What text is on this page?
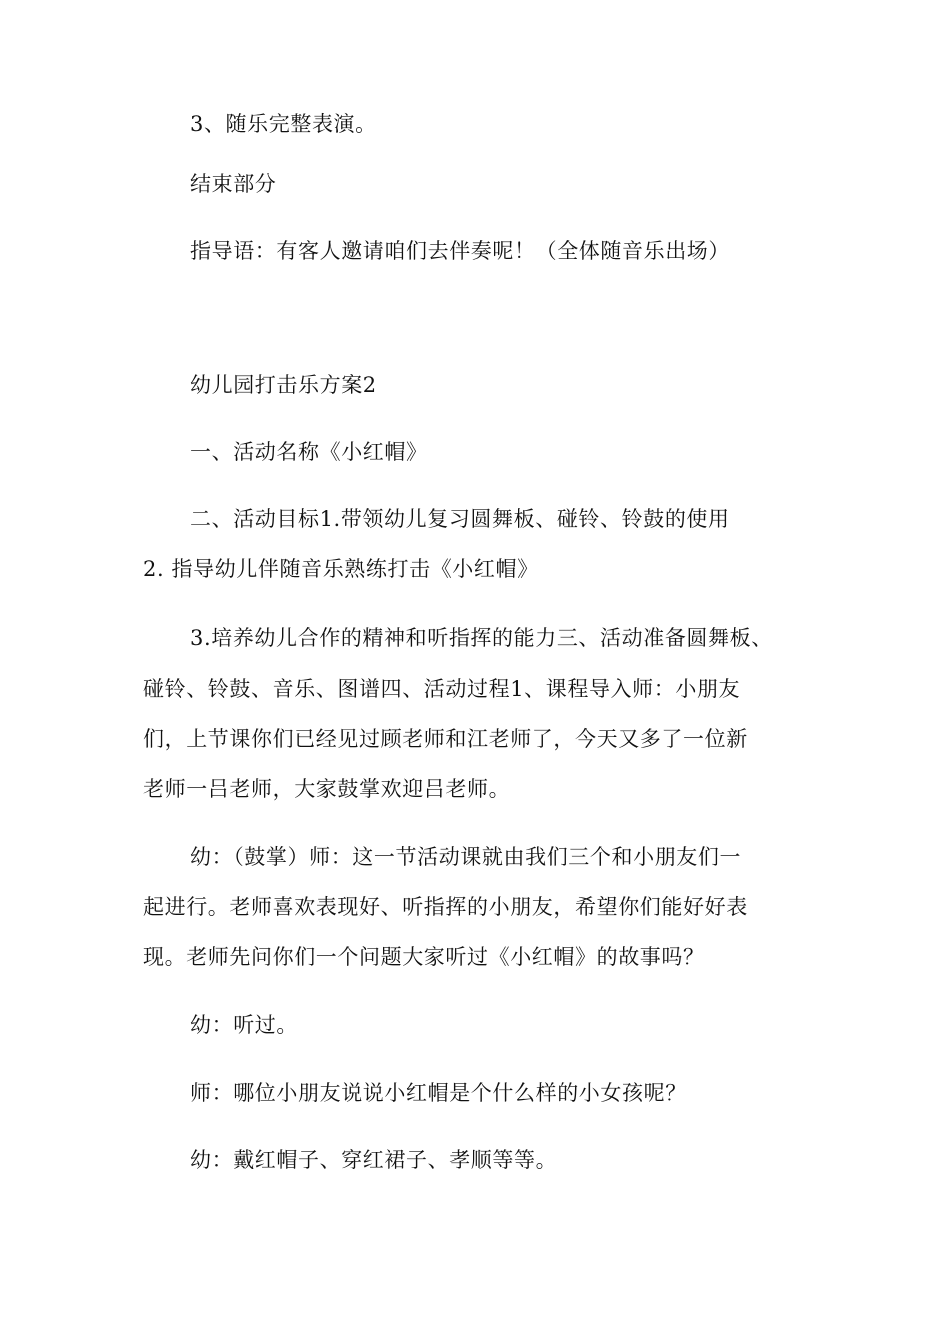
3、随乐完整表演。
结束部分
指导语：有客人邀请咱们去伴奏呢！（全体随音乐出场）
幼儿园打击乐方案2
一、活动名称《小红帽》
二、活动目标1.带领幼儿复习圆舞板、碰铃、铃鼓的使用
2. 指导幼儿伴随音乐熟练打击《小红帽》
3.培养幼儿合作的精神和听指挥的能力三、活动准备圆舞板、
碰铃、铃鼓、音乐、图谱四、活动过程1、课程导入师：小朋友
们，上节课你们已经见过顾老师和江老师了，今天又多了一位新
老师一吕老师，大家鼓掌欢迎吕老师。
幼：（鼓掌）师：这一节活动课就由我们三个和小朋友们一
起进行。老师喜欢表现好、听指挥的小朋友，希望你们能好好表
现。老师先问你们一个问题大家听过《小红帽》的故事吗？
幼：听过。
师：哪位小朋友说说小红帽是个什么样的小女孩呢？
幼：戴红帽子、穿红裙子、孝顺等等。
